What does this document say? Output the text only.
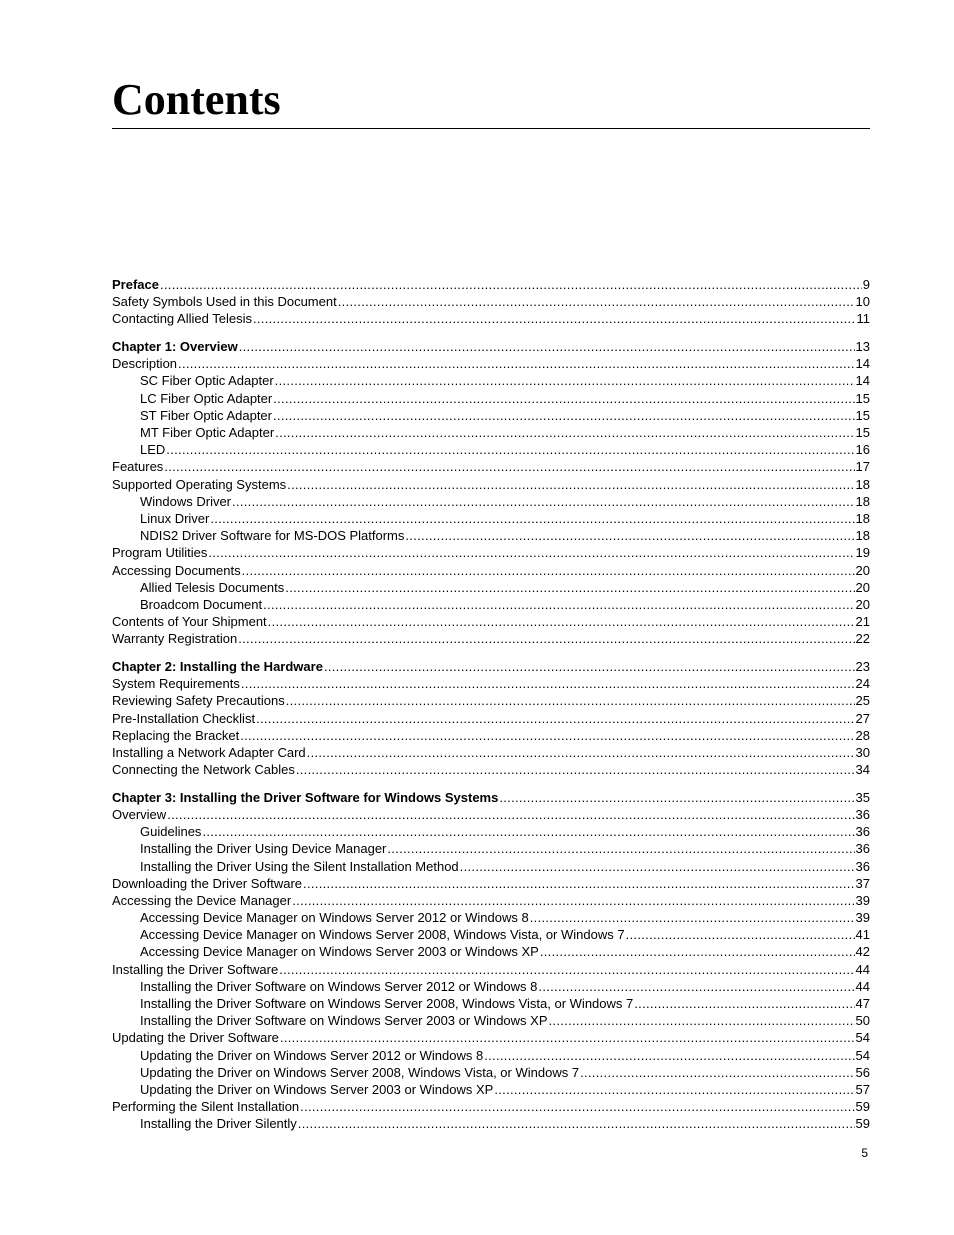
Contents
Preface .....	9
Safety Symbols Used in this Document .....	10
Contacting Allied Telesis .....	11
Chapter 1: Overview .....	13
Description .....	14
SC Fiber Optic Adapter .....	14
LC Fiber Optic Adapter .....	15
ST Fiber Optic Adapter .....	15
MT Fiber Optic Adapter .....	15
LED .....	16
Features .....	17
Supported Operating Systems .....	18
Windows Driver .....	18
Linux Driver .....	18
NDIS2 Driver Software for MS-DOS Platforms .....	18
Program Utilities .....	19
Accessing Documents .....	20
Allied Telesis Documents .....	20
Broadcom Document .....	20
Contents of Your Shipment .....	21
Warranty Registration .....	22
Chapter 2: Installing the Hardware .....	23
System Requirements .....	24
Reviewing Safety Precautions .....	25
Pre-Installation Checklist .....	27
Replacing the Bracket .....	28
Installing a Network Adapter Card .....	30
Connecting the Network Cables .....	34
Chapter 3: Installing the Driver Software for Windows Systems .....	35
Overview .....	36
Guidelines .....	36
Installing the Driver Using Device Manager .....	36
Installing the Driver Using the Silent Installation Method .....	36
Downloading the Driver Software .....	37
Accessing the Device Manager .....	39
Accessing Device Manager on Windows Server 2012 or Windows 8 .....	39
Accessing Device Manager on Windows Server 2008, Windows Vista, or Windows 7 .....	41
Accessing Device Manager on Windows Server 2003 or Windows XP .....	42
Installing the Driver Software .....	44
Installing the Driver Software on Windows Server 2012 or Windows 8 .....	44
Installing the Driver Software on Windows Server 2008, Windows Vista, or Windows 7 .....	47
Installing the Driver Software on Windows Server 2003 or Windows XP .....	50
Updating the Driver Software .....	54
Updating the Driver on Windows Server 2012 or Windows 8 .....	54
Updating the Driver on Windows Server 2008, Windows Vista, or Windows 7 .....	56
Updating the Driver on Windows Server 2003 or Windows XP .....	57
Performing the Silent Installation .....	59
Installing the Driver Silently .....	59
5
